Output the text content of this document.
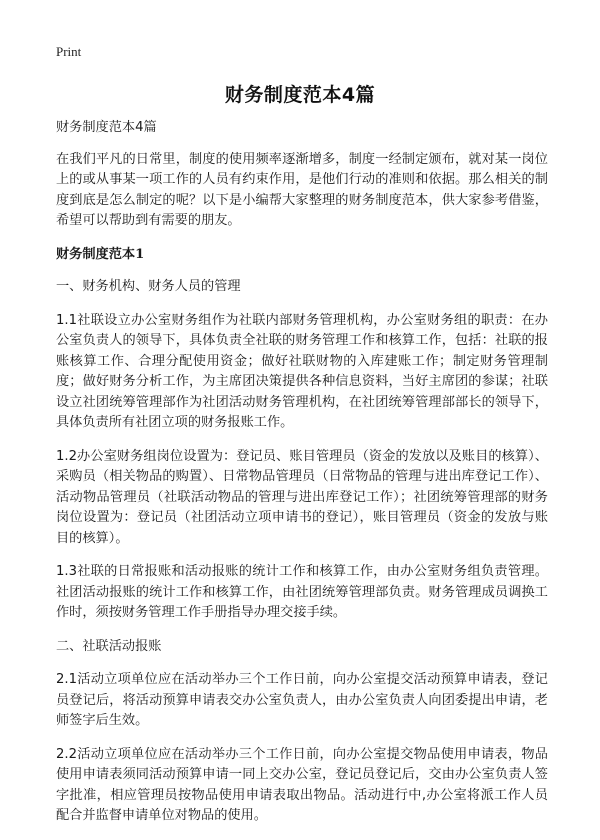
Print
财务制度范本4篇

财务制度范本4篇

在我们平凡的日常里，制度的使用频率逐渐增多，制度一经制定颁布，就对某一岗位上的或从事某一项工作的人员有约束作用，是他们行动的准则和依据。那么相关的制度到底是怎么制定的呢？以下是小编帮大家整理的财务制度范本，供大家参考借鉴，希望可以帮助到有需要的朋友。

财务制度范本1

一、财务机构、财务人员的管理

1.1社联设立办公室财务组作为社联内部财务管理机构，办公室财务组的职责：在办公室负责人的领导下，具体负责全社联的财务管理工作和核算工作，包括：社联的报账核算工作、合理分配使用资金；做好社联财物的入库建账工作；制定财务管理制度；做好财务分析工作，为主席团决策提供各种信息资料，当好主席团的参谋；社联设立社团统筹管理部作为社团活动财务管理机构，在社团统筹管理部部长的领导下，具体负责所有社团立项的财务报账工作。

1.2办公室财务组岗位设置为：登记员、账目管理员（资金的发放以及账目的核算）、采购员（相关物品的购置）、日常物品管理员（日常物品的管理与进出库登记工作）、活动物品管理员（社联活动物品的管理与进出库登记工作）；社团统筹管理部的财务岗位设置为：登记员（社团活动立项申请书的登记），账目管理员（资金的发放与账目的核算）。

1.3社联的日常报账和活动报账的统计工作和核算工作，由办公室财务组负责管理。社团活动报账的统计工作和核算工作，由社团统筹管理部负责。财务管理成员调换工作时，须按财务管理工作手册指导办理交接手续。

二、社联活动报账

2.1活动立项单位应在活动举办三个工作日前，向办公室提交活动预算申请表，登记员登记后，将活动预算申请表交办公室负责人，由办公室负责人向团委提出申请，老师签字后生效。

2.2活动立项单位应在活动举办三个工作日前，向办公室提交物品使用申请表，物品使用申请表须同活动预算申请一同上交办公室，登记员登记后，交由办公室负责人签字批准，相应管理员按物品使用申请表取出物品。活动进行中,办公室将派工作人员配合并监督申请单位对物品的使用。
